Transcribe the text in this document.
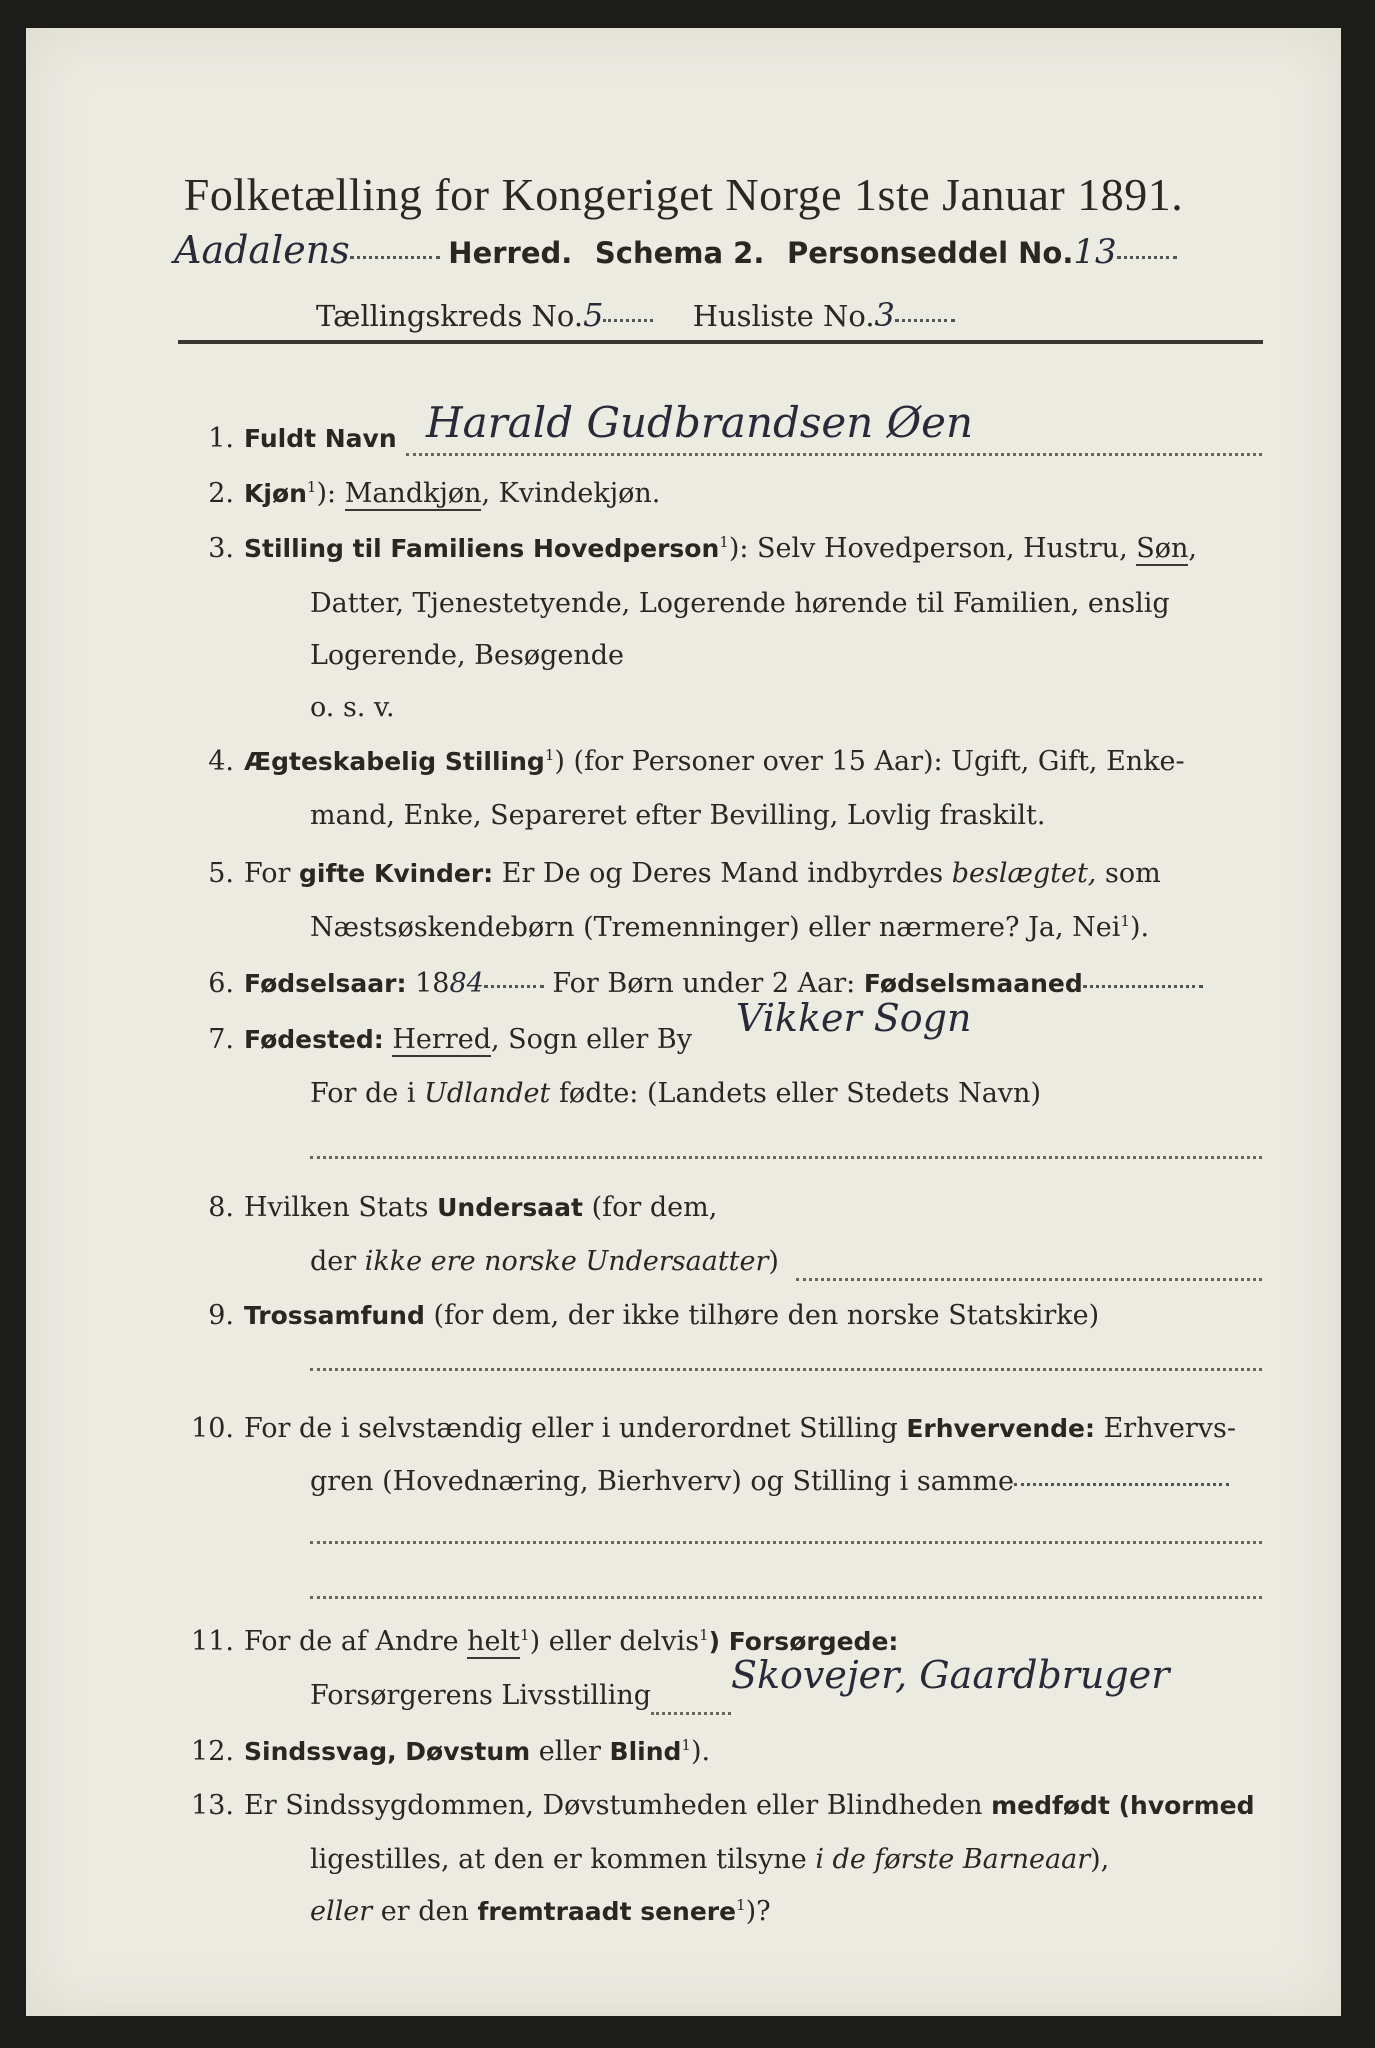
Folketælling for Kongeriget Norge 1ste Januar 1891.
Aadalens	Herred. Schema 2. Personseddel No.13
Tællingskreds No.5	Husliste No.3
1. Fuldt Navn Harald Gudbrandsen Øen
2. Kjøn$^1$): Mandkjøn, Kvindekjøn.
3. Stilling til Familiens Hovedperson$^1$): Selv Hovedperson, Hustru, Søn,
Datter, Tjenestetyende, Logerende hørende til Familien, enslig
Logerende, Besøgende
o. s. v.
4. Ægteskabelig Stilling$^1$) (for Personer over 15 Aar): Ugift, Gift, Enke-
mand, Enke, Separeret efter Bevilling, Lovlig fraskilt.
5. For gifte Kvinder: Er De og Deres Mand indbyrdes beslægtet, som
Næstsøskendebørn (Tremenninger) eller nærmere? Ja, Nei$^1$).
6. Fødselsaar: 1884 For Børn under 2 Aar: Fødselsmaaned
7. Fødested: Herred, Sogn eller By Vikker Sogn
For de i Udlandet fødte: (Landets eller Stedets Navn)
8. Hvilken Stats Undersaat (for dem,
der ikke ere norske Undersaatter)
9. Trossamfund (for dem, der ikke tilhøre den norske Statskirke)
10. For de i selvstændig eller i underordnet Stilling Erhvervende: Erhvervs-
gren (Hovednæring, Bierhverv) og Stilling i samme
11. For de af Andre helt$^1$) eller delvis$^1$) Forsørgede:
Forsørgerens Livsstilling Skovejer, Gaardbruger
12. Sindssvag, Døvstum eller Blind$^1$).
13. Er Sindssygdommen, Døvstumheden eller Blindheden medfødt (hvormed
ligestilles, at den er kommen tilsyne i de første Barneaar),
eller er den fremtraadt senere$^1$)?
